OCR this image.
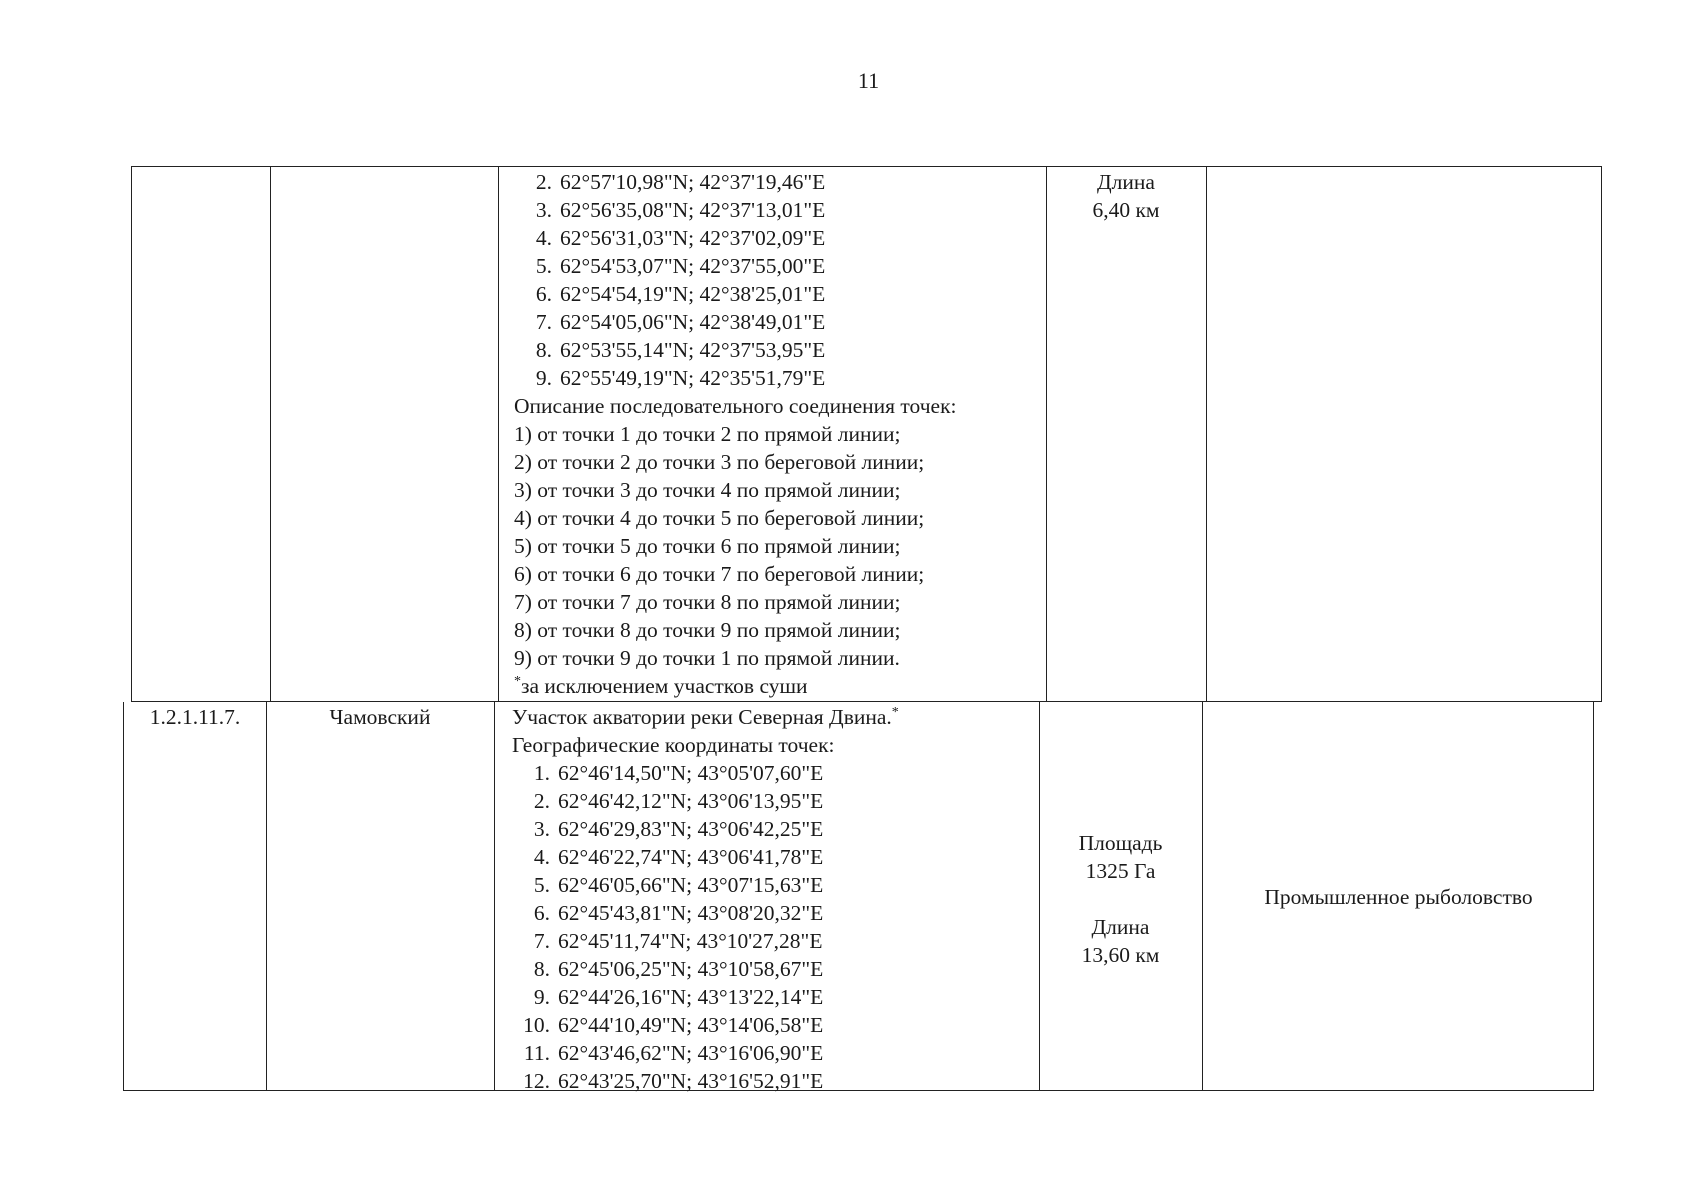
11
2. 62°57'10,98"N; 42°37'19,46"E
3. 62°56'35,08"N; 42°37'13,01"E
4. 62°56'31,03"N; 42°37'02,09"E
5. 62°54'53,07"N; 42°37'55,00"E
6. 62°54'54,19"N; 42°38'25,01"E
7. 62°54'05,06"N; 42°38'49,01"E
8. 62°53'55,14"N; 42°37'53,95"E
9. 62°55'49,19"N; 42°35'51,79"E
Описание последовательного соединения точек:
1) от точки 1 до точки 2 по прямой линии;
2) от точки 2 до точки 3 по береговой линии;
3) от точки 3 до точки 4 по прямой линии;
4) от точки 4 до точки 5 по береговой линии;
5) от точки 5 до точки 6 по прямой линии;
6) от точки 6 до точки 7 по береговой линии;
7) от точки 7 до точки 8 по прямой линии;
8) от точки 8 до точки 9 по прямой линии;
9) от точки 9 до точки 1 по прямой линии.
*за исключением участков суши
Длина
6,40 км
1.2.1.11.7.	Чамовский	Участок акватории реки Северная Двина.*
Географические координаты точек:
1. 62°46'14,50"N; 43°05'07,60"E
2. 62°46'42,12"N; 43°06'13,95"E
3. 62°46'29,83"N; 43°06'42,25"E
4. 62°46'22,74"N; 43°06'41,78"E
5. 62°46'05,66"N; 43°07'15,63"E
6. 62°45'43,81"N; 43°08'20,32"E
7. 62°45'11,74"N; 43°10'27,28"E
8. 62°45'06,25"N; 43°10'58,67"E
9. 62°44'26,16"N; 43°13'22,14"E
10. 62°44'10,49"N; 43°14'06,58"E
11. 62°43'46,62"N; 43°16'06,90"E
12. 62°43'25,70"N; 43°16'52,91"E
Площадь
1325 Га
Длина
13,60 км
Промышленное рыболовство
